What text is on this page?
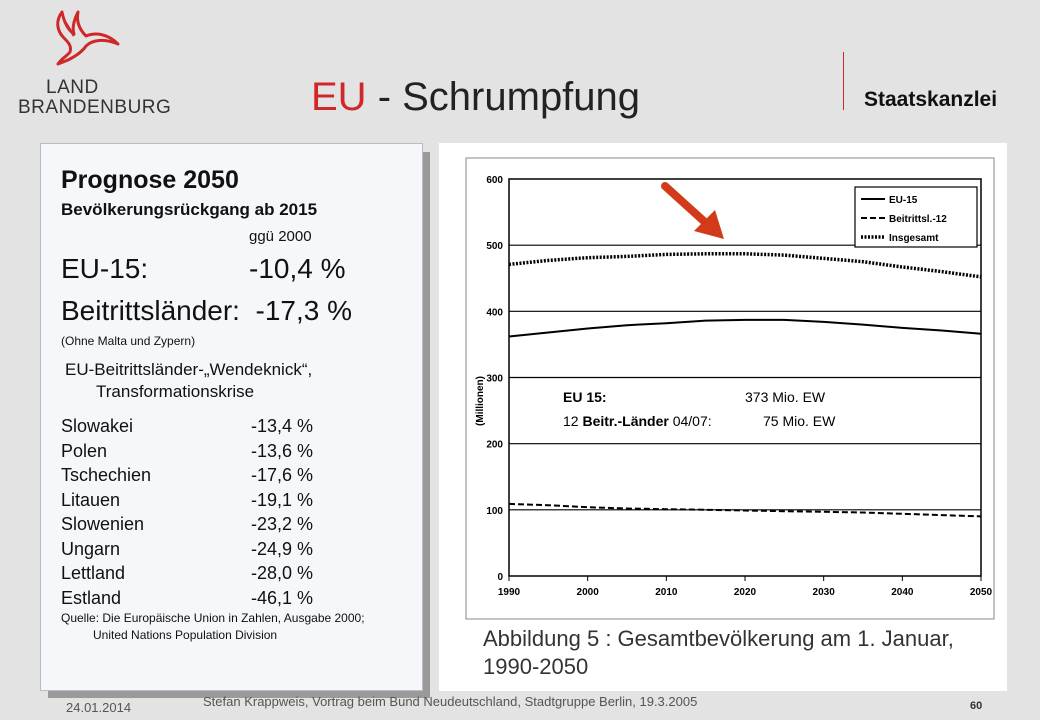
LAND
BRANDENBURG	EU - Schrumpfung	Staatskanzlei
Prognose 2050
Bevölkerungsrückgang ab 2015
ggü 2000
EU-15:	-10,4 %
Beitrittsländer: -17,3 %
(Ohne Malta und Zypern)
EU-Beitrittsländer-„Wendeknick“,
Transformationskrise
Slowakei	-13,4 %
Polen	-13,6 %
Tschechien	-17,6 %
Litauen	-19,1 %
Slowenien	-23,2 %
Ungarn	-24,9 %
Lettland	-28,0 %
Estland	-46,1 %
Quelle: Die Europäische Union in Zahlen, Ausgabe 2000;
United Nations Population Division
0
100
200
300
400
500
600
1990	2000	2010	2020	2030	2040	2050
(Millionen)
EU-15
Beitrittsl.-12
Insgesamt
EU 15:	373 Mio. EW
12 Beitr.-Länder 04/07:	75 Mio. EW
Abbildung 5 : Gesamtbevölkerung am 1. Januar,
1990-2050
24.01.2014	Stefan Krappweis, Vortrag beim Bund Neudeutschland, Stadtgruppe Berlin, 19.3.2005	60
